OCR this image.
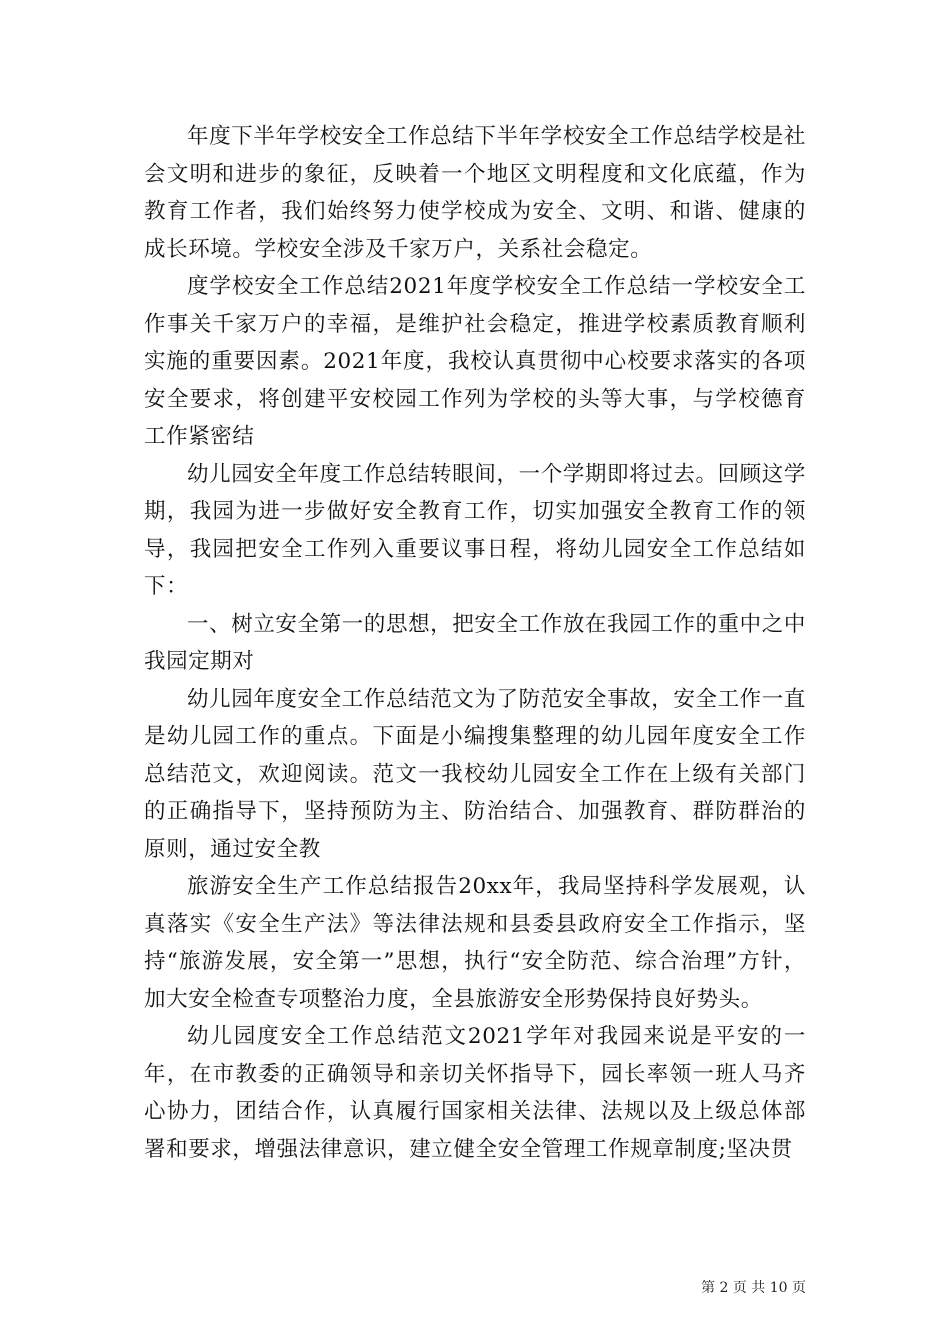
年度下半年学校安全工作总结下半年学校安全工作总结学校是社会文明和进步的象征，反映着一个地区文明程度和文化底蕴，作为教育工作者，我们始终努力使学校成为安全、文明、和谐、健康的成长环境。学校安全涉及千家万户，关系社会稳定。

度学校安全工作总结2021年度学校安全工作总结一学校安全工作事关千家万户的幸福，是维护社会稳定，推进学校素质教育顺利实施的重要因素。2021年度，我校认真贯彻中心校要求落实的各项安全要求，将创建平安校园工作列为学校的头等大事，与学校德育工作紧密结

幼儿园安全年度工作总结转眼间，一个学期即将过去。回顾这学期，我园为进一步做好安全教育工作，切实加强安全教育工作的领导，我园把安全工作列入重要议事日程，将幼儿园安全工作总结如下：

一、树立安全第一的思想，把安全工作放在我园工作的重中之中我园定期对

幼儿园年度安全工作总结范文为了防范安全事故，安全工作一直是幼儿园工作的重点。下面是小编搜集整理的幼儿园年度安全工作总结范文，欢迎阅读。范文一我校幼儿园安全工作在上级有关部门的正确指导下，坚持预防为主、防治结合、加强教育、群防群治的原则，通过安全教

旅游安全生产工作总结报告20xx年，我局坚持科学发展观，认真落实《安全生产法》等法律法规和县委县政府安全工作指示，坚持“旅游发展，安全第一”思想，执行“安全防范、综合治理”方针，加大安全检查专项整治力度，全县旅游安全形势保持良好势头。

幼儿园度安全工作总结范文2021学年对我园来说是平安的一年，在市教委的正确领导和亲切关怀指导下，园长率领一班人马齐心协力，团结合作，认真履行国家相关法律、法规以及上级总体部署和要求，增强法律意识，建立健全安全管理工作规章制度;坚决贯

第 2 页 共 10 页
